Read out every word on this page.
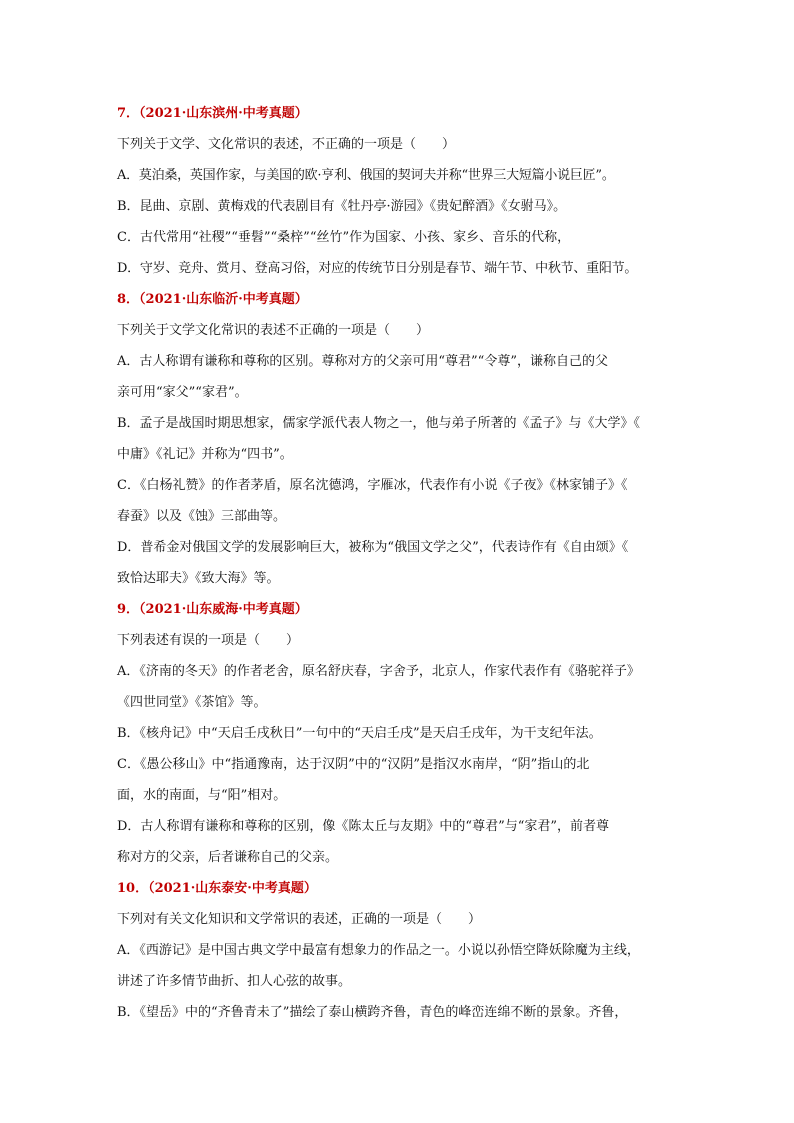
7．（2021·山东滨州·中考真题）
下列关于文学、文化常识的表述，不正确的一项是（　　）
A．莫泊桑，英国作家，与美国的欧·亨利、俄国的契诃夫并称“世界三大短篇小说巨匠”。
B．昆曲、京剧、黄梅戏的代表剧目有《牡丹亭·游园》《贵妃醉酒》《女驸马》。
C．古代常用“社稷”“垂髫”“桑梓”“丝竹”作为国家、小孩、家乡、音乐的代称，
D．守岁、竞舟、赏月、登高习俗，对应的传统节日分别是春节、端午节、中秋节、重阳节。
8．（2021·山东临沂·中考真题）
下列关于文学文化常识的表述不正确的一项是（　　）
A．古人称谓有谦称和尊称的区别。尊称对方的父亲可用“尊君”“令尊”，谦称自己的父
亲可用“家父”“家君”。
B．孟子是战国时期思想家，儒家学派代表人物之一，他与弟子所著的《孟子》与《大学》《
中庸》《礼记》并称为“四书”。
C．《白杨礼赞》的作者茅盾，原名沈德鸿，字雁冰，代表作有小说《子夜》《林家铺子》《
春蚕》以及《蚀》三部曲等。
D．普希金对俄国文学的发展影响巨大，被称为“俄国文学之父”，代表诗作有《自由颂》《
致恰达耶夫》《致大海》等。
9．（2021·山东威海·中考真题）
下列表述有误的一项是（　　）
A．《济南的冬天》的作者老舍，原名舒庆春，字舍予，北京人，作家代表作有《骆驼祥子》
《四世同堂》《茶馆》等。
B．《核舟记》中“天启壬戌秋日”一句中的“天启壬戌”是天启壬戌年，为干支纪年法。
C．《愚公移山》中“指通豫南，达于汉阴”中的“汉阴”是指汉水南岸，“阴”指山的北
面，水的南面，与“阳”相对。
D．古人称谓有谦称和尊称的区别，像《陈太丘与友期》中的“尊君”与“家君”，前者尊
称对方的父亲，后者谦称自己的父亲。
10．（2021·山东泰安·中考真题）
下列对有关文化知识和文学常识的表述，正确的一项是（　　）
A．《西游记》是中国古典文学中最富有想象力的作品之一。小说以孙悟空降妖除魔为主线，
讲述了许多情节曲折、扣人心弦的故事。
B．《望岳》中的“齐鲁青未了”描绘了泰山横跨齐鲁，青色的峰峦连绵不断的景象。齐鲁，
